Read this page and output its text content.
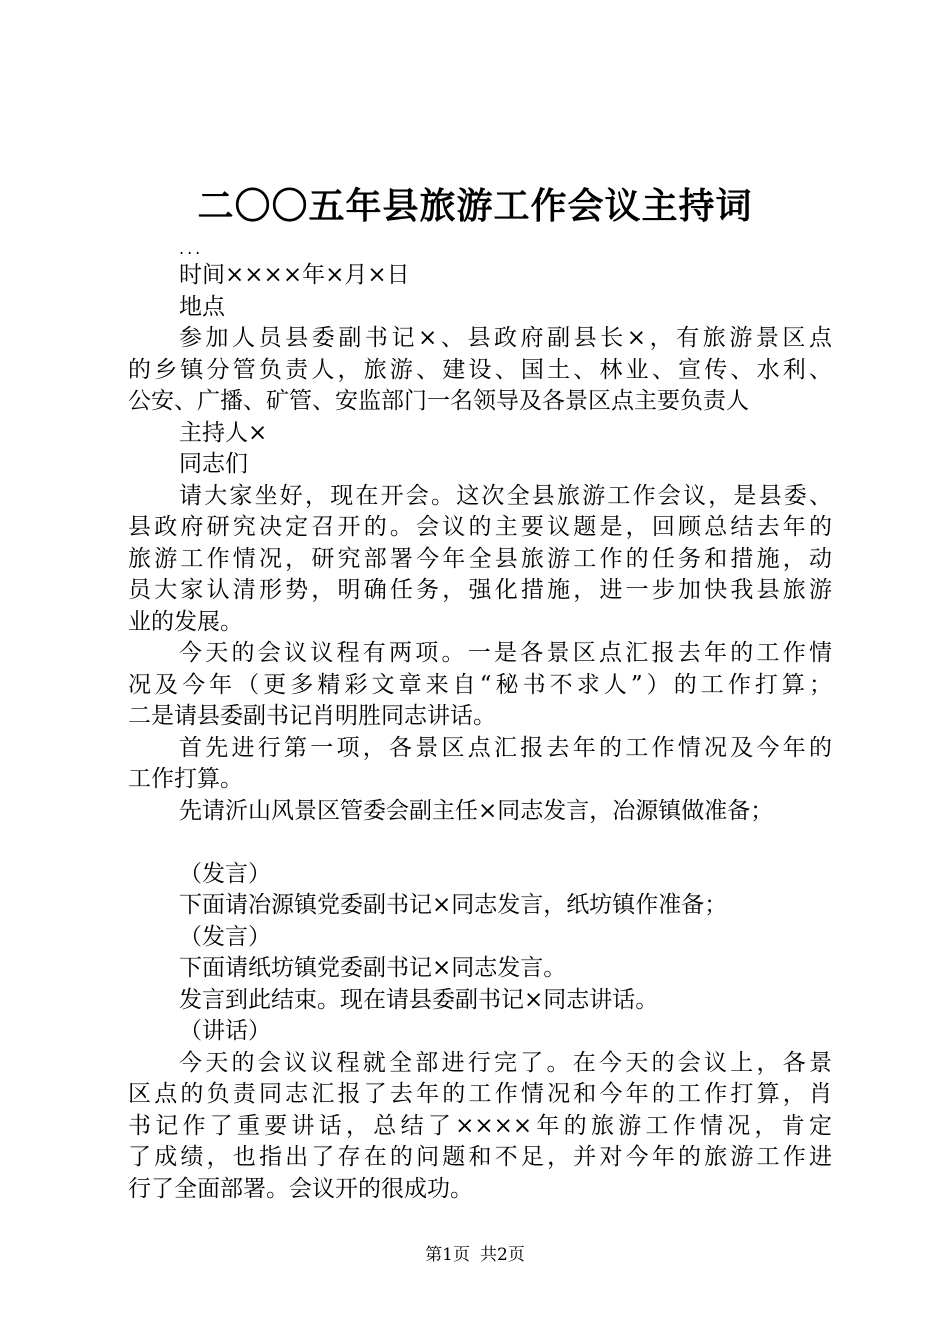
二〇〇五年县旅游工作会议主持词
...
时间××××年×月×日
地点
参加人员县委副书记×、县政府副县长×，有旅游景区点
的乡镇分管负责人，旅游、建设、国土、林业、宣传、水利、
公安、广播、矿管、安监部门一名领导及各景区点主要负责人
主持人×
同志们
请大家坐好，现在开会。这次全县旅游工作会议，是县委、
县政府研究决定召开的。会议的主要议题是，回顾总结去年的
旅游工作情况，研究部署今年全县旅游工作的任务和措施，动
员大家认清形势，明确任务，强化措施，进一步加快我县旅游
业的发展。
今天的会议议程有两项。一是各景区点汇报去年的工作情
况及今年（更多精彩文章来自“秘书不求人”）的工作打算；
二是请县委副书记肖明胜同志讲话。
首先进行第一项，各景区点汇报去年的工作情况及今年的
工作打算。
先请沂山风景区管委会副主任×同志发言，冶源镇做准备；
（发言）
下面请冶源镇党委副书记×同志发言，纸坊镇作准备；
（发言）
下面请纸坊镇党委副书记×同志发言。
发言到此结束。现在请县委副书记×同志讲话。
（讲话）
今天的会议议程就全部进行完了。在今天的会议上，各景
区点的负责同志汇报了去年的工作情况和今年的工作打算，肖
书记作了重要讲话，总结了××××年的旅游工作情况，肯定
了成绩，也指出了存在的问题和不足，并对今年的旅游工作进
行了全面部署。会议开的很成功。
第1页 共2页
